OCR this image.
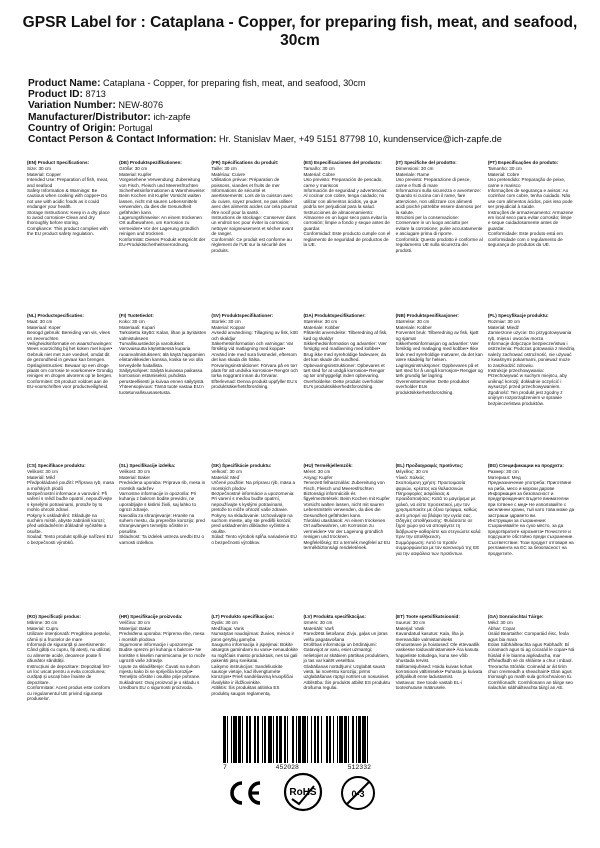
GPSR Label for : Cataplana - Copper, for preparing fish, meat, and seafood, 30cm
Product Name: Cataplana - Copper, for preparing fish, meat, and seafood, 30cm
Product ID: 8713
Variation Number: NEW-8076
Manufacturer/Distributor: ich-zapfe
Country of Origin: Portugal
Contact Person & Contact Information: Hr. Stanislav Maer, +49 5151 87798 10, kundenservice@ich-zapfe.de
(EN) Product Specifications:

Size: 30 cm

Material: Copper

Intended Use: Preparation of fish, meat, and seafood

Safety Information & Warnings: Be cautious when cooking with copper• Do not use with acidic foods as it could endanger your health.

Storage Instructions: Keep in a dry place to avoid corrosion• Clean and dry thoroughly before storing.

Compliance: This product complies with the EU product safety regulation.

(DE) Produktspezifikationen:

Größe: 30 cm

Material: Kupfer

Vorgesehene Verwendung: Zubereitung von Fisch, Fleisch und Meeresfrüchten

Sicherheitsinformationen & Warnhinweise: Beim Kochen mit Kupfer Vorsicht walten lassen, nicht mit sauren Lebensmitteln verwenden, da dies die Gesundheit gefährden kann.

Lagerungshinweise: An einem trockenen Ort aufbewahren, um Korrosion zu vermeiden• Vor der Lagerung gründlich reinigen und trocknen.

Konformität: Dieses Produkt entspricht der EU-Produktsicherheitsverordnung.

(FR) Spécifications du produit:

Taille: 30 cm

Matériau: Cuivre

Utilisation prévue: Préparation de poissons, viandes et fruits de mer

Informations de sécurité et avertissements: Lors de la cuisson avec du cuivre, soyez prudent, ne pas utiliser avec des aliments acides car cela pourrait être nocif pour la santé.

Instructions de stockage: Conserver dans un endroit sec pour éviter la corrosion; nettoyer soigneusement et sécher avant de ranger.

Conformité: Ce produit est conforme au règlement de l'UE sur la sécurité des produits.

(ES) Especificaciones del producto:

Tamaño: 30 cm

Material: Cobre

Uso previsto: Preparación de pescado, carne y mariscos

Información de seguridad y advertencias: Al cocinar con cobre, tenga cuidado; no utilizar con alimentos ácidos, ya que podría ser perjudicial para la salud.

Instrucciones de almacenamiento: Almacene en un lugar seco para evitar la corrosión; limpie a fondo y seque antes de guardar.

Conformidad: Este producto cumple con el reglamento de seguridad de productos de la UE.

(IT) Specifiche del prodotto:

Dimensioni: 30 cm

Materiale: Rame

Uso previsto: Preparazione di pesce, carne e frutti di mare

Informazioni sulla sicurezza e avvertenze: Quando si cucina con il rame, fare attenzione, non utilizzare con alimenti acidi poiché potrebbe essere dannoso per la salute.

Istruzioni per la conservazione: Conservare in un luogo asciutto per evitare la corrosione; pulire accuratamente e asciugare prima di riporre.

Conformità: Questo prodotto è conforme al regolamento UE sulla sicurezza dei prodotti.

(PT) Especificações do produto:

Tamanho: 30 cm

Material: Cobre

Uso pretendido: Preparação de peixe, carne e marisco

Informações de segurança e avisos: Ao cozinhar com cobre, tenha cuidado. Não use com alimentos ácidos, pois isso pode ser prejudicial à saúde.

Instruções de armazenamento: Armazene em local seco para evitar corrosão; limpe e seque cuidadosamente antes de guardar.

Conformidade: Este produto está em conformidade com o regulamento de segurança de produtos da UE.

(NL) Productspecificaties:

Maat: 30 cm

Materiaal: Koper

Beoogd gebruik: Bereiding van vis, vlees en zeevruchten

Veiligheidsinformatie en waarschuwingen: Wees voorzichtig bij het koken met koper• Gebruik niet met zure voedsel, omdat dit de gezondheid in gevaar kan brengen.

Opslaginstructies: Bewaar op een droge plaats om corrosie te voorkomen• Grondig reinigen en drogen alvorens op te bergen.

Conformiteit: Dit product voldoet aan de EU-voorschriften voor productveiligheid.

(FI) Tuotetiedot:

Koko: 30 cm

Materiaali: Kupari

Tarkoitettu käyttö: Kalan, lihan ja äyriäisten valmistukseen

Turvallisuustiedot ja varoitukset: Varovaisuutta käytettäessä kuparia ruoanvalmistukseen; älä käytä happamien elintarvikkeiden kanssa, koska se voi olla terveydelle haitallista.

Säilytysohjeet: Säilytä kuivassa paikassa korroosion estämiseksi; puhdista perusteellisesti ja kuivaa ennen säilytystä.

Yhteensopivuus: Tämä tuote vastaa EU:n tuoteturvallisuusasetusta.

(SV) Produktspecifikationer:

Storlek: 30 cm

Material: Koppar

Avsedd användning: Tillagning av fisk, kött och skaldjur

Säkerhetsinformation och varningar: Var försiktig vid matlagning med koppar• Använd inte med sura livsmedel, eftersom det kan skada din hälsa.

Förvaringsinstruktioner: Förvara på en torr plats för att undvika korrosion• Rengör och torka noggrant innan du förvarar.

Efterlevnad: Denna produkt uppfyller EU:s produktsäkerhetsförordning.

(DA) Produktspecifikationer:

Størrelse: 30 cm

Materiale: Kobber

Påtænkt anvendelse: Tilberedning af fisk, kød og skaldyr

Sikkerhedsinformation og advarsler: Vær forsigtig ved madlavning med kobber• Brug ikke med syreholdige fødevarer, da det kan skade din sundhed.

Opbevaringsinstruktioner: Opbevares et tørt sted for at undgå korrosion• Rengør og tør omhyggeligt inden opbevaring.

Overholdelse: Dette produkt overholder EU's produktsikkerhedsforordning.

(NB) Produktspesifikasjoner:

Størrelse: 30 cm

Materiale: Kobber

Forventet bruk: Tilberedning av fisk, kjøtt og sjømat

Sikkerhetsinformasjon og advarsler: Vær forsiktig ved matlaging med kobber• Ikke bruk med syreholdige matvarer, da det kan være skadelig for helsen.

Lagringsinstruksjoner: Oppbevares på et tørt sted for å unngå korrosjon• Rengjør og tørk grundig før lagring.

Overensstemmelse: Dette produktet overholder EUs produktsikkerhetsforordning.

(PL) Specyfikacje produktu:

Rozmiar: 30 cm

Materiał: Miedź

Zamierzone użycie: Do przygotowywania ryb, mięsa i owoców morza

Informacje dotyczące bezpieczeństwa i ostrzeżenia: Podczas gotowania z miedzią należy zachować ostrożność, nie używać z kwaśnymi pokarmami, ponieważ może to zaszkodzić zdrowiu.

Instrukcje przechowywania: Przechowywać w suchym miejscu, aby uniknąć korozji; dokładnie oczyścić i wysuszyć przed przechowywaniem.

Zgodność: Ten produkt jest zgodny z unijnym rozporządzeniem w sprawie bezpieczeństwa produktów.

(CS) Specifikace produktu:

Velikost: 30 cm

Materiál: Měď

Předpokládané použití: Příprava ryb, masa a mořských plodů

Bezpečnostní informace a varování: Při vaření s mědí buďte opatrní, nepoužívejte s kyselými potravinami, protože by to mohlo ohrozit zdraví.

Pokyny k uskladnění: Skladujte na suchém místě, abyste zabránili korozi; před uskladněním důkladně vyčistěte a osušte.

Soulad: Tento produkt splňuje nařízení EU o bezpečnosti výrobků.

(SL) Specifikacije izdelka:

Velikost: 30 cm

Material: Baker

Predvidena uporaba: Priprava rib, mesa in morskih sadežev

Varnostne informacije in opozorila: Pri kuhanju z bakrom bodite previdni, ne uporabljajte s kislimi živili, saj lahko to ogrozi zdravje.

Navodila za shranjevanje: Hranite na suhem mestu, da preprečite korozijo; pred shranjevanjem temeljito očistite in posušite.

Skladnost: Ta izdelek ustreza uredbi EU o varnosti izdelkov.

(SK) Špecifikácie produktu:

Veľkosť: 30 cm

Materiál: Meď

Určené použitie: Na prípravu rýb, mäsa a morských plodov

Bezpečnostné informácie a upozornenia: Pri varení s meďou buďte opatrní, nepoužívajte s kyslými potravinami, pretože to môže ohroziť vaše zdravie.

Pokyny na skladovanie: Uchovávajte na suchom mieste, aby ste predišli korózii; pred uskladnením dôkladne vyčistite a osušte.

Súlad: Tento výrobok spĺňa nariadenie EÚ o bezpečnosti výrobkov.

(HU) Termékjellemzők:

Méret: 30 cm

Anyag: Kupfer

Tervezett felhasználás: Zubereitung von Fisch, Fleisch und Meeresfrüchten

Biztonsági információk és figyelmeztetések: Beim Kochen mit Kupfer Vorsicht walten lassen, nicht mit sauren Lebensmitteln verwenden, da dies die Gesundheit gefährden kann.

Tárolási utasítások: An einem trockenen Ort aufbewahren, um Korrosion zu vermeiden• Vor der Lagerung gründlich reinigen und trocknen.

Megfelelőség: Ez a termék megfelel az EU termékbiztonsági rendeletének.

(EL) Προδιαγραφές προϊόντος:

Μέγεθος: 30 cm

Υλικό: Χαλκός

Σκοπούμενη χρήση: Προετοιμασία ψαριών, κρέατος και θαλασσινών

Πληροφορίες ασφάλειας & προειδοποιήσεις: Κατά το μαγείρεμα με χαλκό, να είστε προσεκτικοί, μην τον χρησιμοποιείτε με όξινα τρόφιμα, καθώς αυτό μπορεί να βλάψει την υγεία σας.

Οδηγίες αποθήκευσης: Φυλάσσετε σε ξηρό χώρο για να αποφύγετε τη διάβρωση• καθαρίστε και στεγνώστε καλά πριν την αποθήκευση.

Συμμόρφωση: Αυτό το προϊόν συμμορφώνεται με τον κανονισμό της ΕΕ για την ασφάλεια των προϊόντων.

(BG) Спецификации на продукта:

Размер: 30 cm

Материал: Мед

Предназначение употреба: Приготвяне на риба, месо и морски дарове

Информация за безопасност и предупреждения: Бъдете внимателни при готвене с мед• Не използвайте с киселинни храни, тъй като това може да застраши здравето ви.

Инструкции за съхранение: Съхранявайте на сухо място, за да предотвратите корозията• Почистете и подсушете обстойно преди съхранение.

Съответствие: Този продукт отговаря на регламента на ЕС за безопасност на продуктите.

(RO) Specificații produs:

Mărime: 30 cm

Material: Cupru

Utilizare intenționată: Pregătirea peștelui, cărnii și a fructelor de mare

Informații de siguranță și avertismente: Când gătiți cu cupru, fiți atenți, nu utilizați cu alimente acide, deoarece poate fi dăunător sănătății.

Instrucțiuni de depozitare: Depozitați într-un loc uscat pentru a evita coroziunea; curățați și uscați bine înainte de depozitare.

Conformitate: Acest produs este conform cu regulamentul UE privind siguranța produselor.

(HR) Specifikacije proizvoda:

Veličina: 30 cm

Materijal: Bakar

Predviđena uporaba: Priprema ribe, mesa i morskih plodova

Sigurnosne informacije i upozorenja: Budite oprezni pri kuhanju s bakrom• Ne koristite s kiselim namirnicama jer to može ugroziti vaše zdravlje.

Upute za skladištenje: Čuvati na suhom mjestu kako bi se spriječila korozija• Temeljito očistite i osušite prije pohrane.

Sukladnost: Ovaj proizvod je u skladu s Uredbom EU o sigurnosti proizvoda.

(LT) Produkto specifikacijos:

Dydis: 30 cm

Medžiaga: Varis

Numatytas naudojimas: Žuvies, mėsos ir jūros gėrybių gamyba

Saugumo informacija ir įspėjimai: Būkite atsargūs gamindami su variu• nenaudokite su rūgščiais maisto produktais, nes tai gali pakenkti jūsų sveikatai.

Laikymo instrukcijos: Sandėliuokite sausoje vietoje, kad išvengtumėte korozijos• Prieš sandėliavimą kruopščiai išvalykite ir išdžiovinkite.

Atitiktis: Šis produktas atitinka ES produktų saugos reglamentą.

(LV) Produkta specifikācijas:

Izmērs: 30 cm

Materiāls: Varš

Paredzētā lietošana: Zivju, gaļas un jūras velšu pagatavošana

Drošības informācija un brīdinājumi: Gatavojot ar varu, esiet uzmanīgi; nelietojiet ar skābiem pārtikas produktiem, jo tas var kaitēt veselībai.

Glabāšanas norādījumi: Uzglabāt sausā vietā, lai novērstu koroziju; pirms uzglabāšanas rūpīgi notīriet un nosusiniet.

Atbilstība: Šis produkts atbilst ES produktu drošuma regulai.

(ET) Toote spetsifikatsioonid:

Suurus: 30 cm

Materjal: Vask

Kavandatud kasutus: Kala, liha ja mereandide valmistamiseks

Ohutusteave ja hoiatused: Ole ettevaatlik vaskesse toiduvalmistamisel• Ära kasuta happeliste toitudega, kuna see võib ohustada tervist.

Säilitamisjuhised: Hoida kuivas kohas korrosiooni vältimiseks• Puhasta ja kuivata põhjalikult enne ladustamist.

Vastavus: See toode vastab EL-i tooteohutuse määrusele.

(GA) Sonraíochtaí Táirge:

Méid: 30 cm

Ábhar: Copar

Úsáid Beartaithe: Comparáid éisc, feola agus bia mara

Eolas Sábháilteachta agus Rabhadh: Bí cúramach agus tú ag cócaráil le copar• Ná húsáid é le bianna aigéadacha, mar d'fhéadfadh sé do shláinte a chur i mbaol.

Treoracha Stórála: Coimeád ar áit tirim chun creimeadh a sheachaint• Glan agus triomaigh go maith sula gcríochnaíonn tú.

Comhlíonadh: Comhlíonann an táirge seo rialachán sábháilteachta táirgí an AE.

7	452028	512332
RoHS	0-3
